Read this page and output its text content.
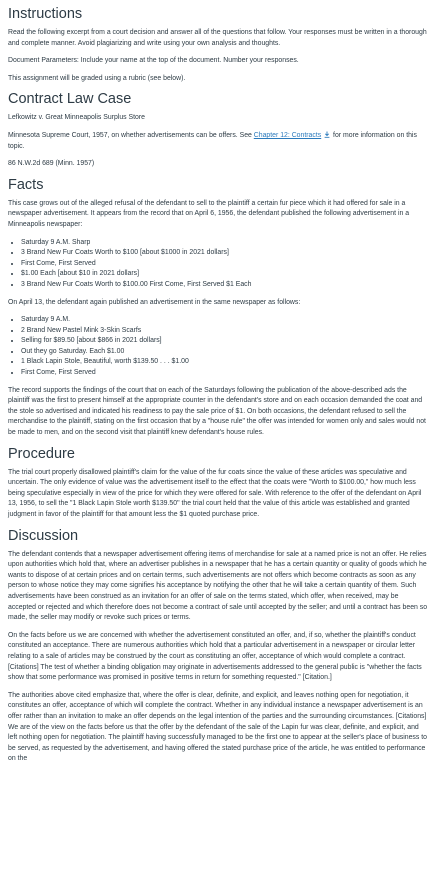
Instructions

Read the following excerpt from a court decision and answer all of the questions that follow. Your responses must be written in a thorough and complete manner. Avoid plagiarizing and write using your own analysis and thoughts.

Document Parameters: Include your name at the top of the document. Number your responses.

This assignment will be graded using a rubric (see below).

Contract Law Case

Lefkowitz v. Great Minneapolis Surplus Store

Minnesota Supreme Court, 1957, on whether advertisements can be offers. See Chapter 12: Contracts  for more information on this topic.

86 N.W.2d 689 (Minn. 1957)

Facts

This case grows out of the alleged refusal of the defendant to sell to the plaintiff a certain fur piece which it had offered for sale in a newspaper advertisement. It appears from the record that on April 6, 1956, the defendant published the following advertisement in a Minneapolis newspaper:

• Saturday 9 A.M. Sharp
• 3 Brand New Fur Coats Worth to $100 [about $1000 in 2021 dollars]
• First Come, First Served
• $1.00 Each [about $10 in 2021 dollars]
• 3 Brand New Fur Coats Worth to $100.00 First Come, First Served $1 Each

On April 13, the defendant again published an advertisement in the same newspaper as follows:

• Saturday 9 A.M.
• 2 Brand New Pastel Mink 3-Skin Scarfs
• Selling for $89.50 [about $866 in 2021 dollars]
• Out they go Saturday. Each $1.00
• 1 Black Lapin Stole, Beautiful, worth $139.50 . . . $1.00
• First Come, First Served

The record supports the findings of the court that on each of the Saturdays following the publication of the above-described ads the plaintiff was the first to present himself at the appropriate counter in the defendant's store and on each occasion demanded the coat and the stole so advertised and indicated his readiness to pay the sale price of $1. On both occasions, the defendant refused to sell the merchandise to the plaintiff, stating on the first occasion that by a "house rule" the offer was intended for women only and sales would not be made to men, and on the second visit that plaintiff knew defendant's house rules.

Procedure

The trial court properly disallowed plaintiff's claim for the value of the fur coats since the value of these articles was speculative and uncertain. The only evidence of value was the advertisement itself to the effect that the coats were "Worth to $100.00," how much less being speculative especially in view of the price for which they were offered for sale. With reference to the offer of the defendant on April 13, 1956, to sell the "1 Black Lapin Stole worth $139.50" the trial court held that the value of this article was established and granted judgment in favor of the plaintiff for that amount less the $1 quoted purchase price.

Discussion

The defendant contends that a newspaper advertisement offering items of merchandise for sale at a named price is not an offer. He relies upon authorities which hold that, where an advertiser publishes in a newspaper that he has a certain quantity or quality of goods which he wants to dispose of at certain prices and on certain terms, such advertisements are not offers which become contracts as soon as any person to whose notice they may come signifies his acceptance by notifying the other that he will take a certain quantity of them. Such advertisements have been construed as an invitation for an offer of sale on the terms stated, which offer, when received, may be accepted or rejected and which therefore does not become a contract of sale until accepted by the seller; and until a contract has been so made, the seller may modify or revoke such prices or terms.

On the facts before us we are concerned with whether the advertisement constituted an offer, and, if so, whether the plaintiff's conduct constituted an acceptance. There are numerous authorities which hold that a particular advertisement in a newspaper or circular letter relating to a sale of articles may be construed by the court as constituting an offer, acceptance of which would complete a contract. [Citations] The test of whether a binding obligation may originate in advertisements addressed to the general public is "whether the facts show that some performance was promised in positive terms in return for something requested." [Citation.]

The authorities above cited emphasize that, where the offer is clear, definite, and explicit, and leaves nothing open for negotiation, it constitutes an offer, acceptance of which will complete the contract. Whether in any individual instance a newspaper advertisement is an offer rather than an invitation to make an offer depends on the legal intention of the parties and the surrounding circumstances. [Citations] We are of the view on the facts before us that the offer by the defendant of the sale of the Lapin fur was clear, definite, and explicit, and left nothing open for negotiation. The plaintiff having successfully managed to be the first one to appear at the seller's place of business to be served, as requested by the advertisement, and having offered the stated purchase price of the article, he was entitled to performance on the
